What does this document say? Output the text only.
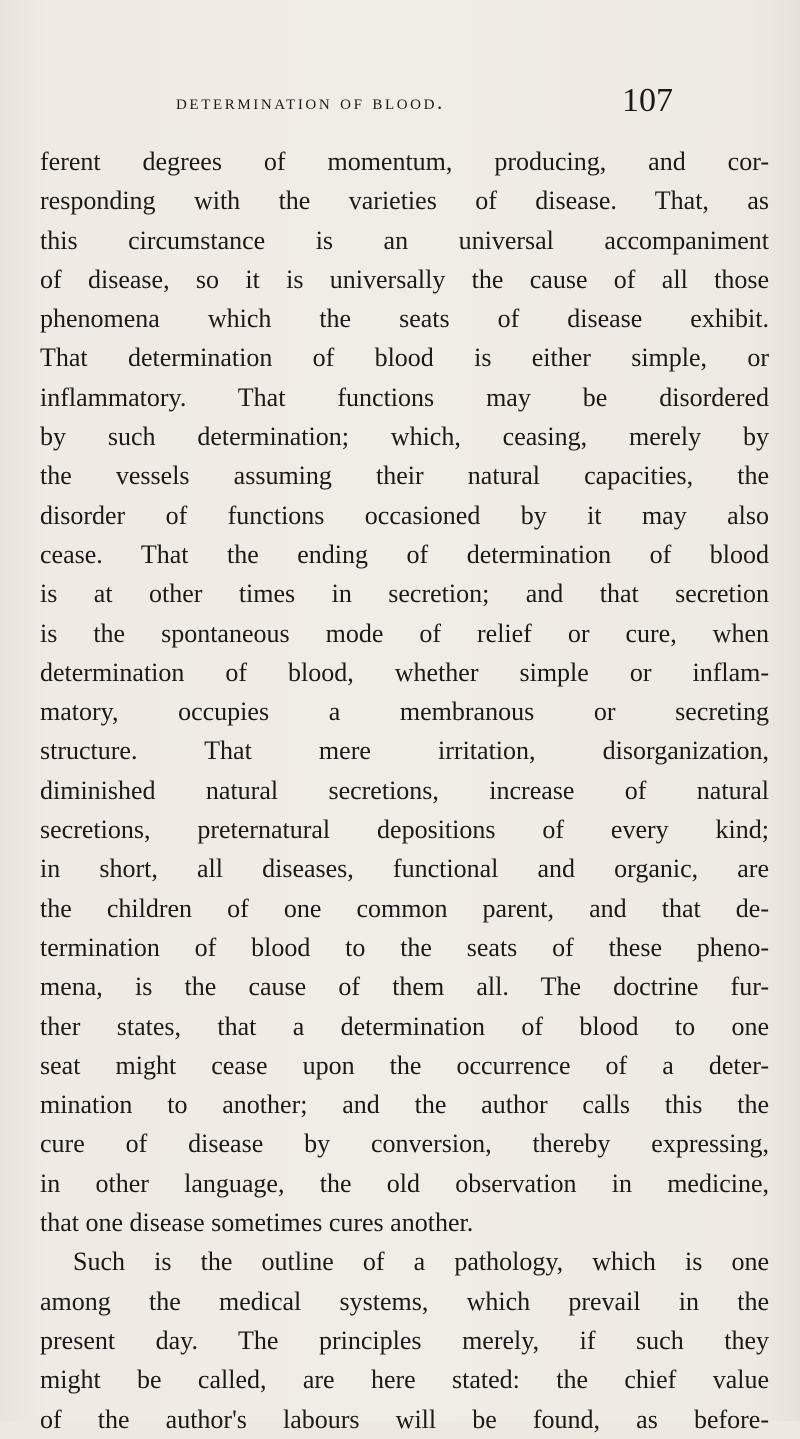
determination of blood.	107
ferent degrees of momentum, producing, and cor-
responding with the varieties of disease. That, as
this circumstance is an universal accompaniment
of disease, so it is universally the cause of all those
phenomena which the seats of disease exhibit.
That determination of blood is either simple, or
inflammatory. That functions may be disordered
by such determination; which, ceasing, merely by
the vessels assuming their natural capacities, the
disorder of functions occasioned by it may also
cease. That the ending of determination of blood
is at other times in secretion; and that secretion
is the spontaneous mode of relief or cure, when
determination of blood, whether simple or inflam-
matory, occupies a membranous or secreting
structure. That mere irritation, disorganization,
diminished natural secretions, increase of natural
secretions, preternatural depositions of every kind;
in short, all diseases, functional and organic, are
the children of one common parent, and that de-
termination of blood to the seats of these pheno-
mena, is the cause of them all. The doctrine fur-
ther states, that a determination of blood to one
seat might cease upon the occurrence of a deter-
mination to another; and the author calls this the
cure of disease by conversion, thereby expressing,
in other language, the old observation in medicine,
that one disease sometimes cures another.
Such is the outline of a pathology, which is one
among the medical systems, which prevail in the
present day. The principles merely, if such they
might be called, are here stated: the chief value
of the author's labours will be found, as before-
